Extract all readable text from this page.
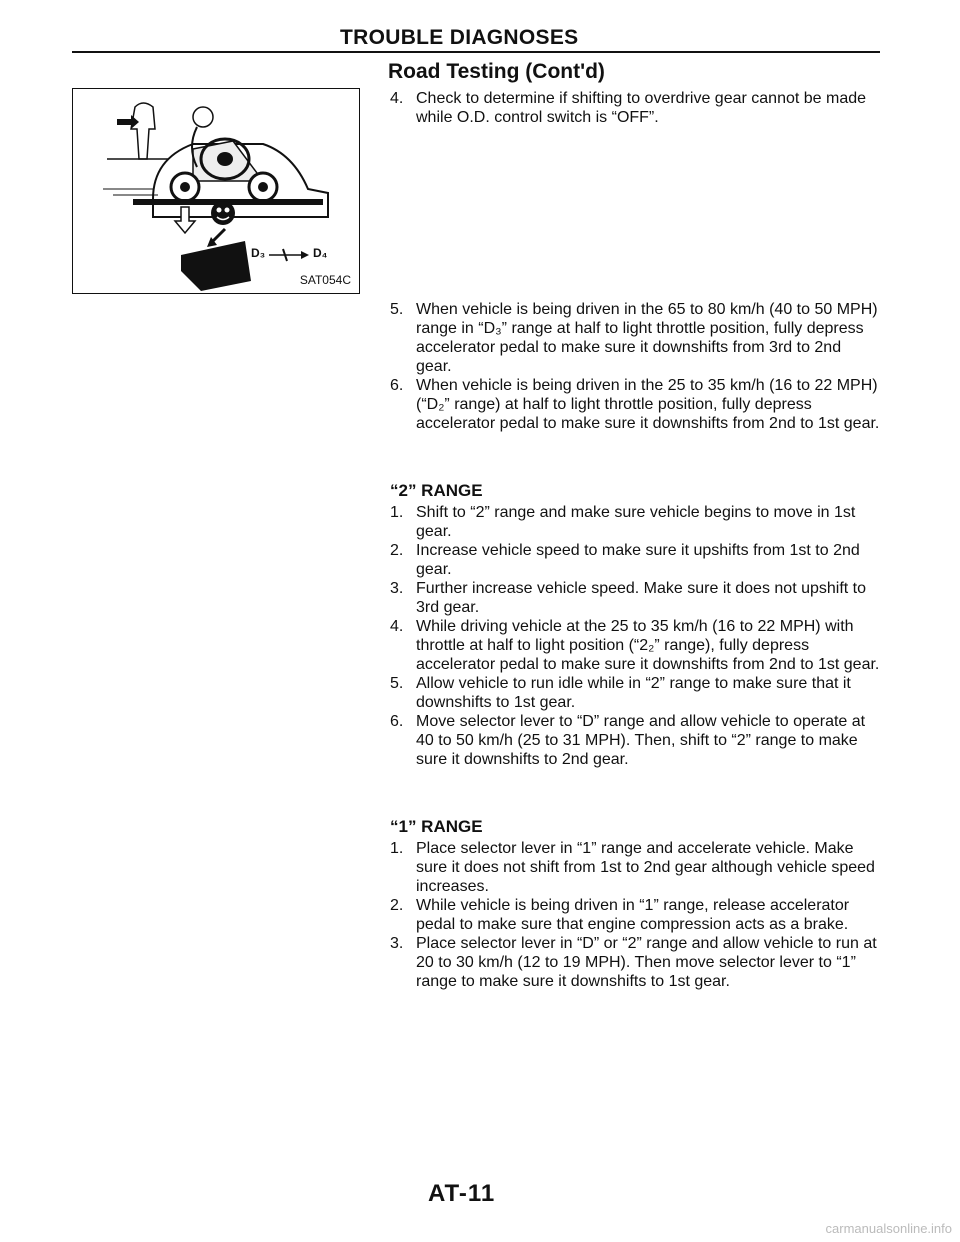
TROUBLE DIAGNOSES
Road Testing (Cont'd)
D₃	D₄
SAT054C
4. Check to determine if shifting to overdrive gear cannot be made while O.D. control switch is “OFF”.
5. When vehicle is being driven in the 65 to 80 km/h (40 to 50 MPH) range in “D₃” range at half to light throttle position, fully depress accelerator pedal to make sure it downshifts from 3rd to 2nd gear.
6. When vehicle is being driven in the 25 to 35 km/h (16 to 22 MPH) (“D₂” range) at half to light throttle position, fully depress accelerator pedal to make sure it downshifts from 2nd to 1st gear.
“2” RANGE
1. Shift to “2” range and make sure vehicle begins to move in 1st gear.
2. Increase vehicle speed to make sure it upshifts from 1st to 2nd gear.
3. Further increase vehicle speed. Make sure it does not upshift to 3rd gear.
4. While driving vehicle at the 25 to 35 km/h (16 to 22 MPH) with throttle at half to light position (“2₂” range), fully depress accelerator pedal to make sure it downshifts from 2nd to 1st gear.
5. Allow vehicle to run idle while in “2” range to make sure that it downshifts to 1st gear.
6. Move selector lever to “D” range and allow vehicle to operate at 40 to 50 km/h (25 to 31 MPH). Then, shift to “2” range to make sure it downshifts to 2nd gear.
“1” RANGE
1. Place selector lever in “1” range and accelerate vehicle. Make sure it does not shift from 1st to 2nd gear although vehicle speed increases.
2. While vehicle is being driven in “1” range, release accelerator pedal to make sure that engine compression acts as a brake.
3. Place selector lever in “D” or “2” range and allow vehicle to run at 20 to 30 km/h (12 to 19 MPH). Then move selector lever to “1” range to make sure it downshifts to 1st gear.
AT-11
carmanualsonline.info
